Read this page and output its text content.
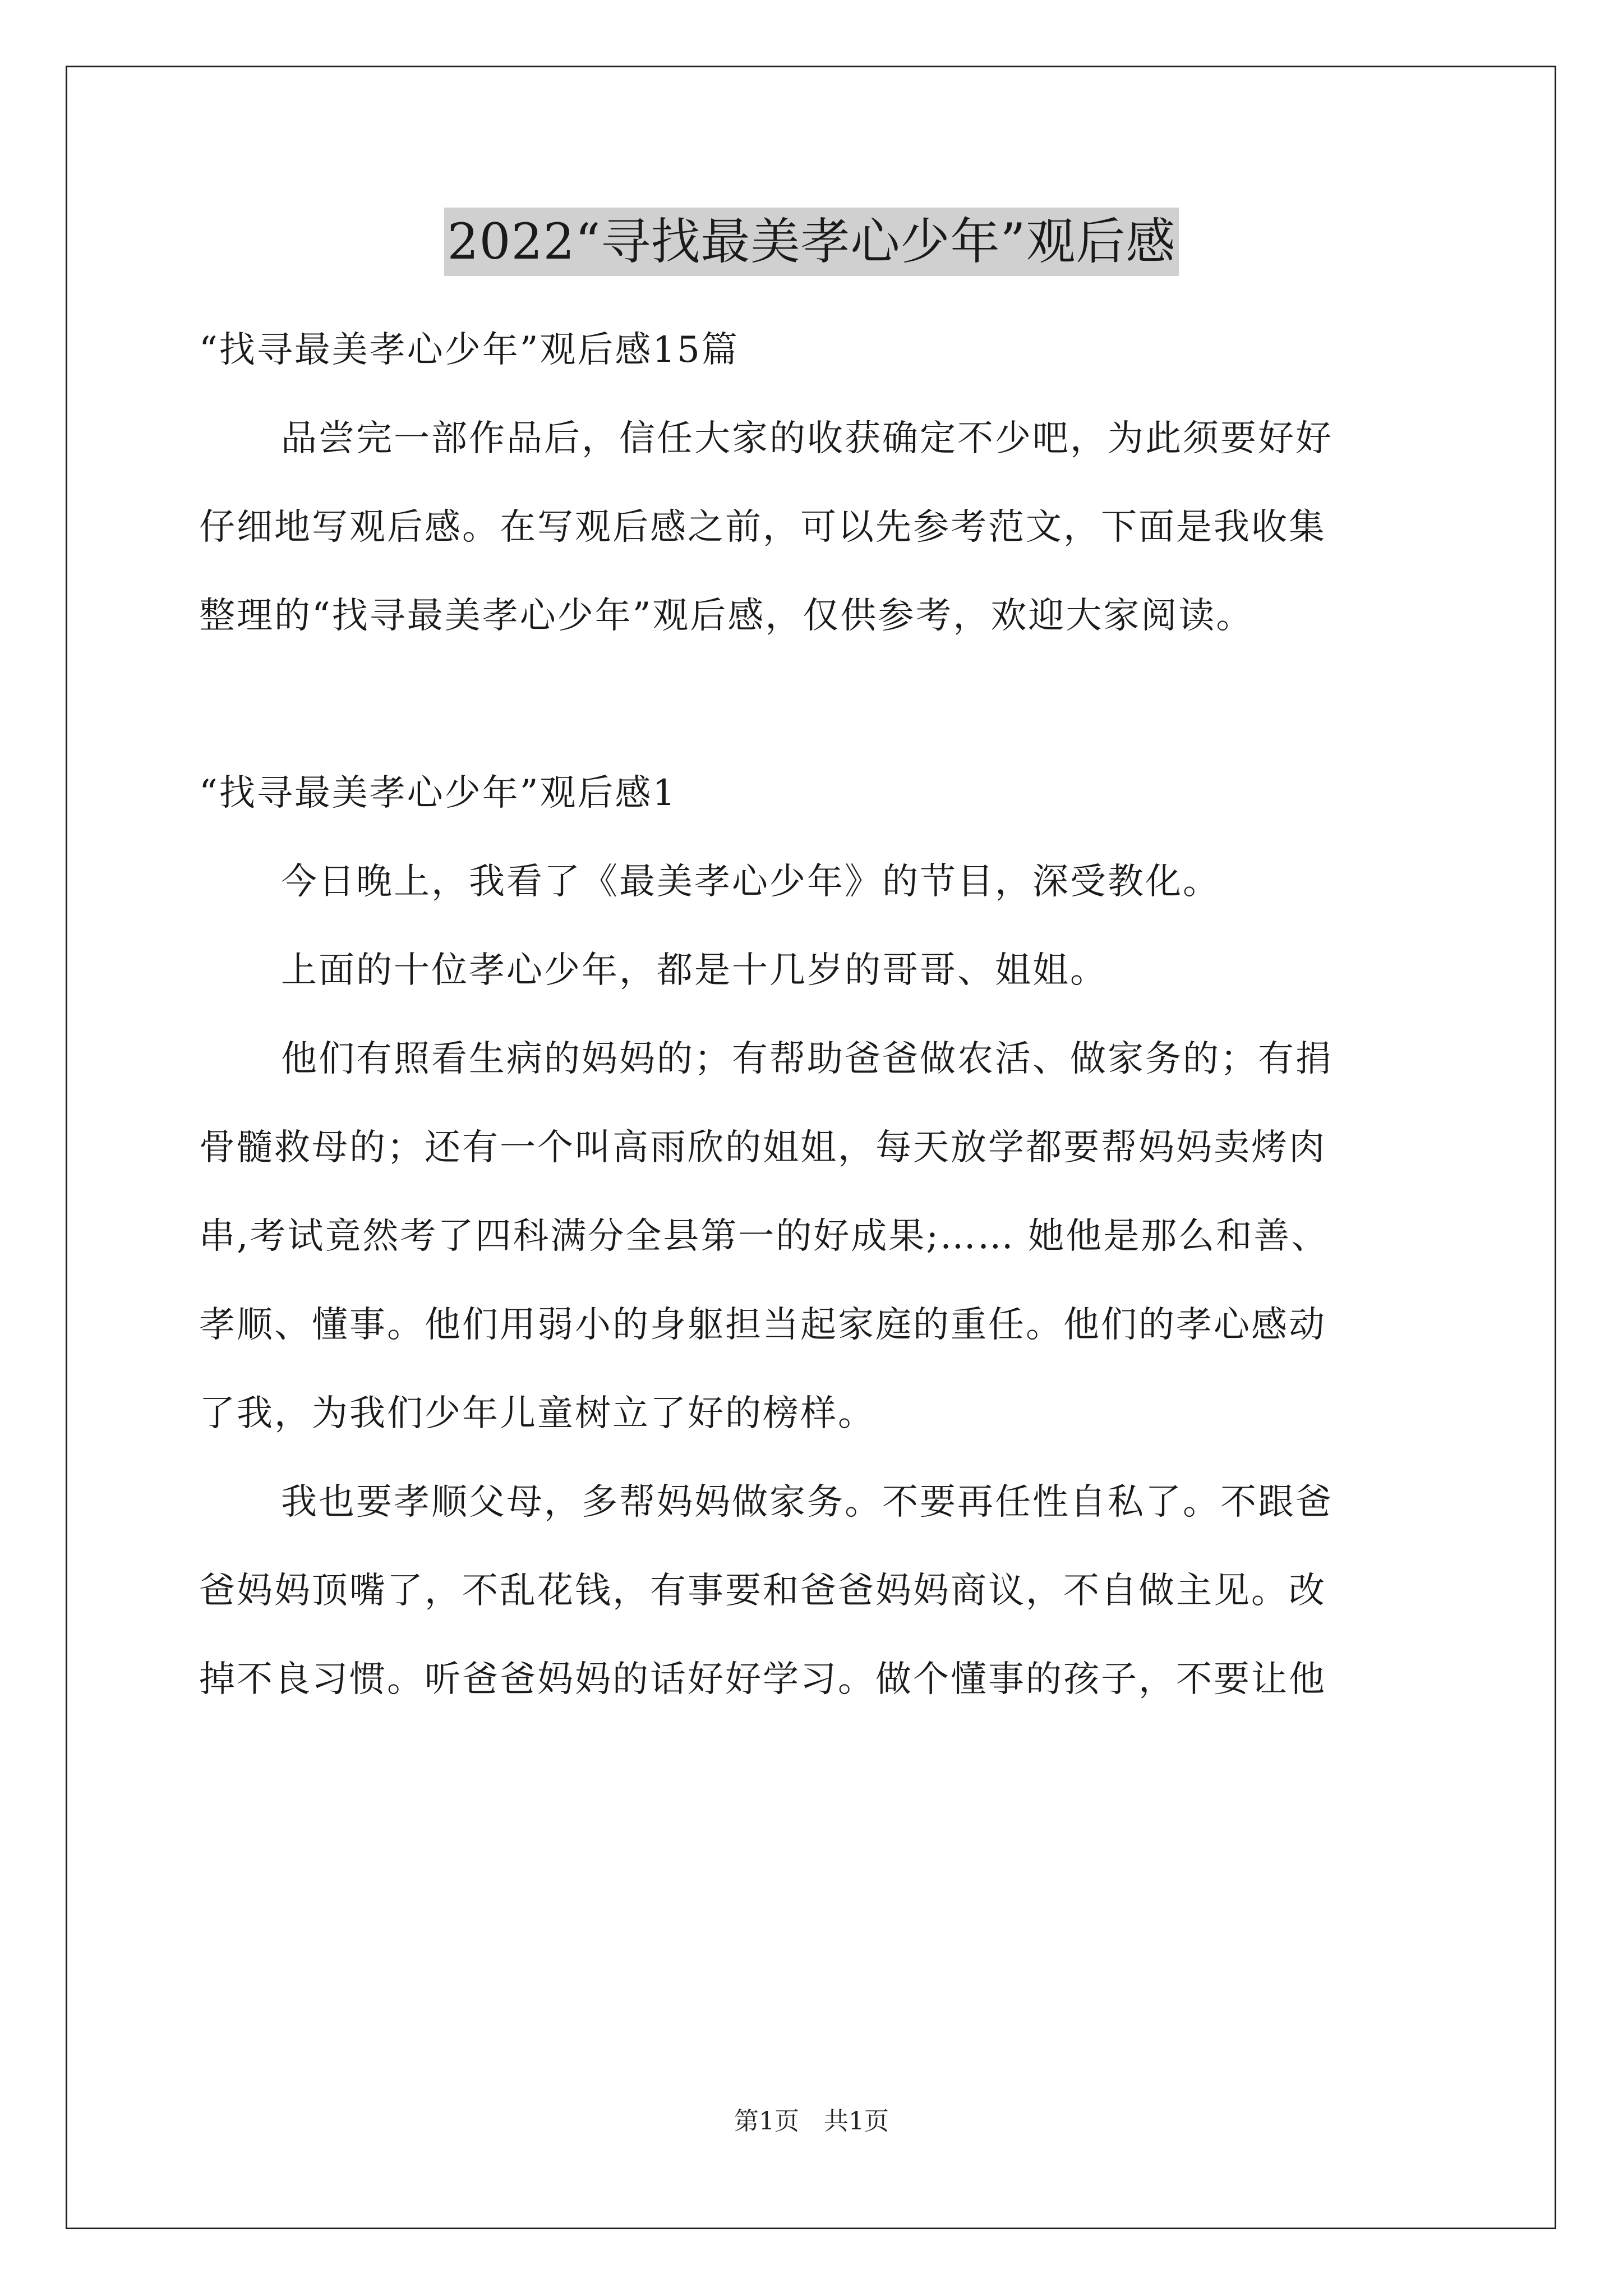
2022“寻找最美孝心少年”观后感

“找寻最美孝心少年”观后感15篇

品尝完一部作品后，信任大家的收获确定不少吧，为此须要好好

仔细地写观后感。在写观后感之前，可以先参考范文，下面是我收集

整理的“找寻最美孝心少年”观后感，仅供参考，欢迎大家阅读。

“找寻最美孝心少年”观后感1

今日晚上，我看了《最美孝心少年》的节目，深受教化。

上面的十位孝心少年，都是十几岁的哥哥、姐姐。

他们有照看生病的妈妈的；有帮助爸爸做农活、做家务的；有捐

骨髓救母的；还有一个叫高雨欣的姐姐，每天放学都要帮妈妈卖烤肉

串,考试竟然考了四科满分全县第一的好成果;…… 她他是那么和善、

孝顺、懂事。他们用弱小的身躯担当起家庭的重任。他们的孝心感动

了我，为我们少年儿童树立了好的榜样。

我也要孝顺父母，多帮妈妈做家务。不要再任性自私了。不跟爸

爸妈妈顶嘴了，不乱花钱，有事要和爸爸妈妈商议，不自做主见。改

掉不良习惯。听爸爸妈妈的话好好学习。做个懂事的孩子，不要让他

第1页　共1页
